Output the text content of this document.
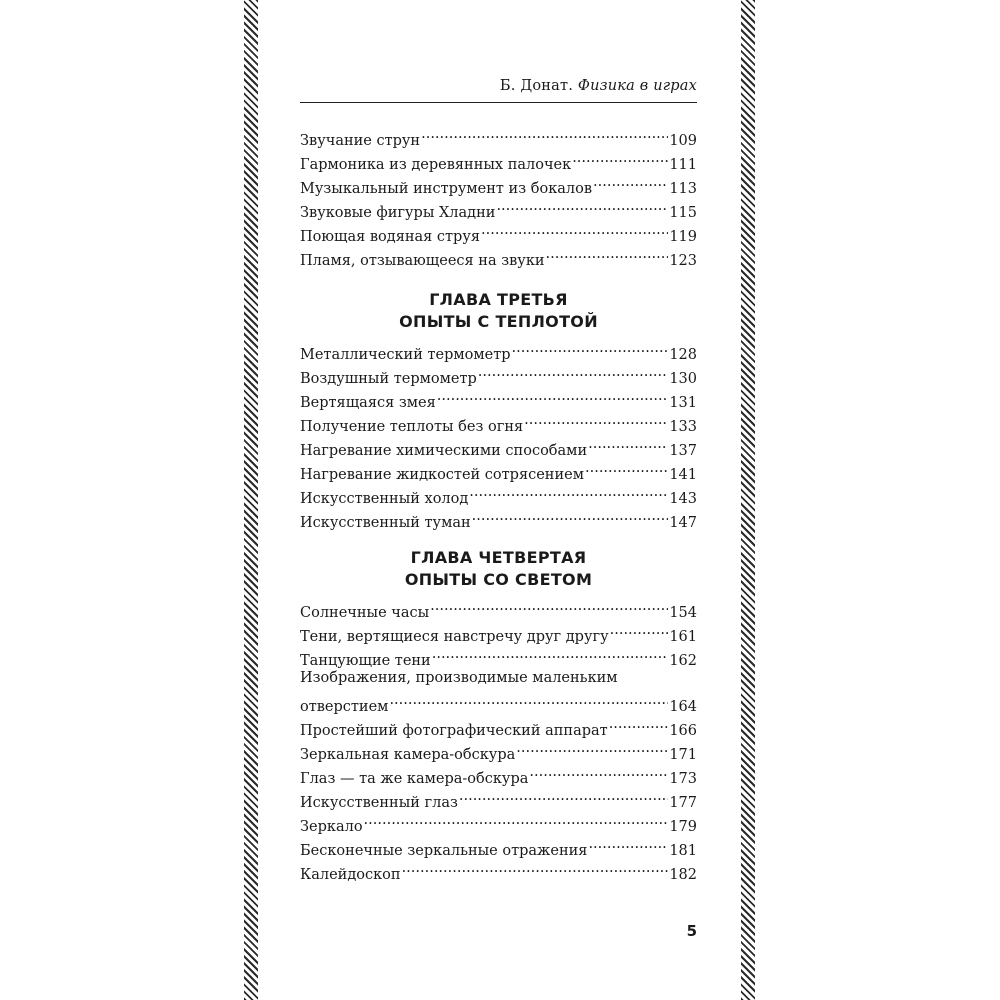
Б. Донат. Физика в играх
Звучание струн .....	109
Гармоника из деревянных палочек .....	111
Музыкальный инструмент из бокалов .....	113
Звуковые фигуры Хладни .....	115
Поющая водяная струя .....	119
Пламя, отзывающееся на звуки .....	123
ГЛАВА ТРЕТЬЯ
ОПЫТЫ С ТЕПЛОТОЙ
Металлический термометр .....	128
Воздушный термометр .....	130
Вертящаяся змея .....	131
Получение теплоты без огня .....	133
Нагревание химическими способами .....	137
Нагревание жидкостей сотрясением .....	141
Искусственный холод .....	143
Искусственный туман .....	147
ГЛАВА ЧЕТВЕРТАЯ
ОПЫТЫ СО СВЕТОМ
Солнечные часы .....	154
Тени, вертящиеся навстречу друг другу .....	161
Танцующие тени .....	162
Изображения, производимые маленьким
отверстием .....	164
Простейший фотографический аппарат .....	166
Зеркальная камера-обскура .....	171
Глаз — та же камера-обскура .....	173
Искусственный глаз .....	177
Зеркало .....	179
Бесконечные зеркальные отражения .....	181
Калейдоскоп .....	182
5
